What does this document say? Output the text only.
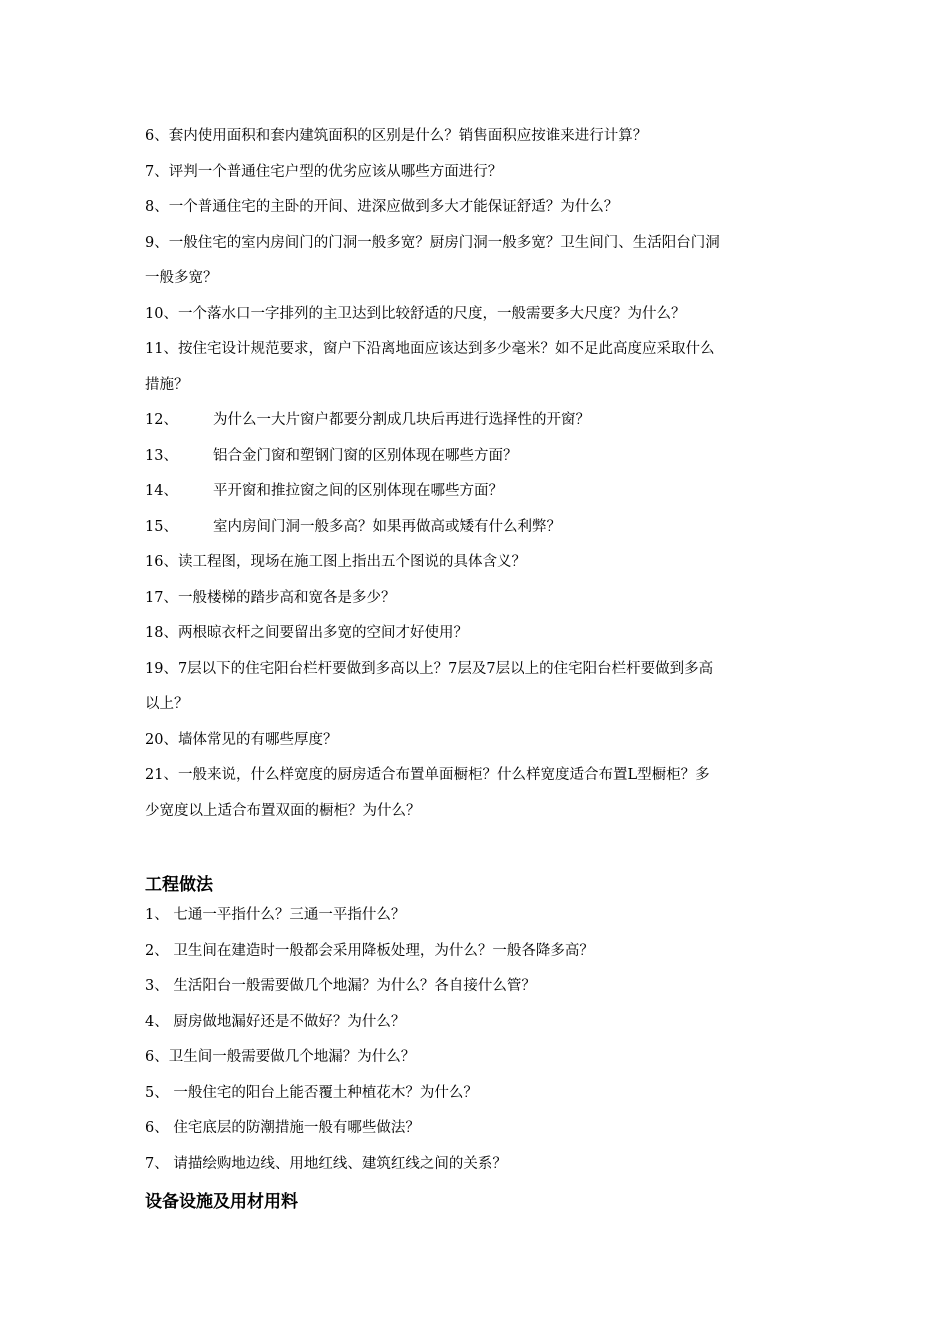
6、套内使用面积和套内建筑面积的区别是什么？销售面积应按谁来进行计算？
7、评判一个普通住宅户型的优劣应该从哪些方面进行？
8、一个普通住宅的主卧的开间、进深应做到多大才能保证舒适？为什么？
9、一般住宅的室内房间门的门洞一般多宽？厨房门洞一般多宽？卫生间门、生活阳台门洞
一般多宽？
10、一个落水口一字排列的主卫达到比较舒适的尺度，一般需要多大尺度？为什么？
11、按住宅设计规范要求，窗户下沿离地面应该达到多少毫米？如不足此高度应采取什么
措施？
12、 为什么一大片窗户都要分割成几块后再进行选择性的开窗？
13、 铝合金门窗和塑钢门窗的区别体现在哪些方面？
14、 平开窗和推拉窗之间的区别体现在哪些方面？
15、 室内房间门洞一般多高？如果再做高或矮有什么利弊？
16、读工程图，现场在施工图上指出五个图说的具体含义？
17、一般楼梯的踏步高和宽各是多少？
18、两根晾衣杆之间要留出多宽的空间才好使用？
19、7层以下的住宅阳台栏杆要做到多高以上？7层及7层以上的住宅阳台栏杆要做到多高
以上？
20、墙体常见的有哪些厚度？
21、一般来说，什么样宽度的厨房适合布置单面橱柜？什么样宽度适合布置L型橱柜？多
少宽度以上适合布置双面的橱柜？为什么？
工程做法
1、 七通一平指什么？三通一平指什么？
2、 卫生间在建造时一般都会采用降板处理，为什么？一般各降多高？
3、 生活阳台一般需要做几个地漏？为什么？各自接什么管？
4、 厨房做地漏好还是不做好？为什么？
6、卫生间一般需要做几个地漏？为什么？
5、 一般住宅的阳台上能否覆土种植花木？为什么？
6、 住宅底层的防潮措施一般有哪些做法？
7、 请描绘购地边线、用地红线、建筑红线之间的关系？
设备设施及用材用料
